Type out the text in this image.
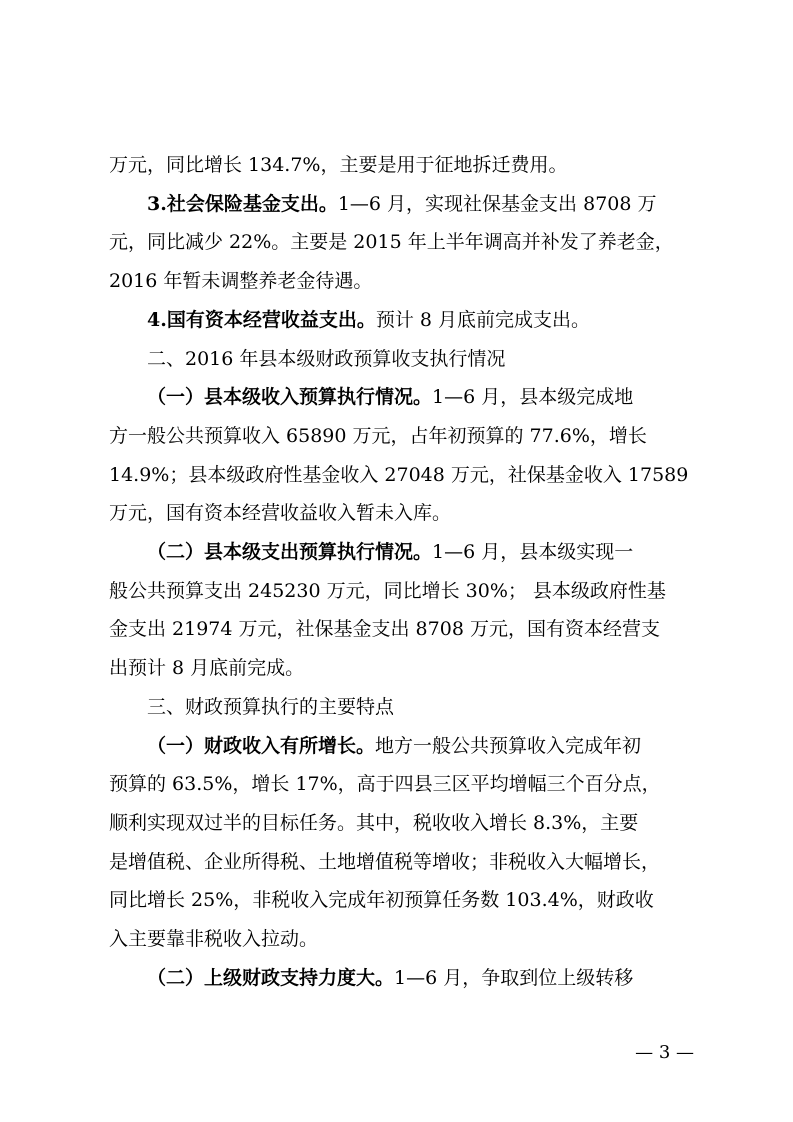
万元，同比增长 134.7%，主要是用于征地拆迁费用。
3.社会保险基金支出。1—6 月，实现社保基金支出 8708 万
元，同比减少 22%。主要是 2015 年上半年调高并补发了养老金，
2016 年暂未调整养老金待遇。
4.国有资本经营收益支出。预计 8 月底前完成支出。
二、2016 年县本级财政预算收支执行情况
（一）县本级收入预算执行情况。1—6 月，县本级完成地
方一般公共预算收入 65890 万元，占年初预算的 77.6%，增长
14.9%；县本级政府性基金收入 27048 万元，社保基金收入 17589
万元，国有资本经营收益收入暂未入库。
（二）县本级支出预算执行情况。1—6 月，县本级实现一
般公共预算支出 245230 万元，同比增长 30%； 县本级政府性基
金支出 21974 万元，社保基金支出 8708 万元，国有资本经营支
出预计 8 月底前完成。
三、财政预算执行的主要特点
（一）财政收入有所增长。地方一般公共预算收入完成年初
预算的 63.5%，增长 17%，高于四县三区平均增幅三个百分点，
顺利实现双过半的目标任务。其中，税收收入增长 8.3%，主要
是增值税、企业所得税、土地增值税等增收；非税收入大幅增长，
同比增长 25%，非税收入完成年初预算任务数 103.4%，财政收
入主要靠非税收入拉动。
（二）上级财政支持力度大。1—6 月，争取到位上级转移
— 3 —
